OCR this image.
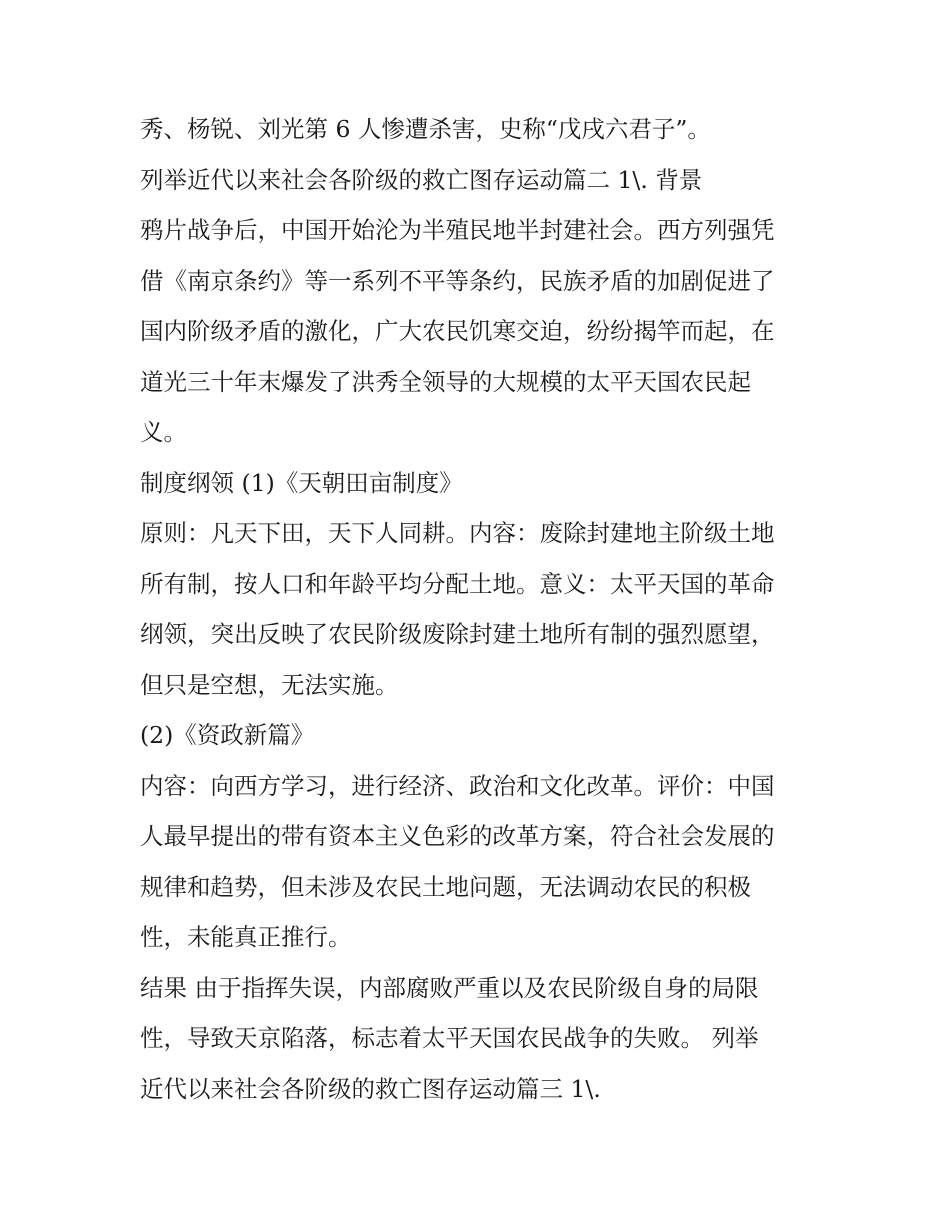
秀、杨锐、刘光第 6 人惨遭杀害，史称“戊戌六君子”。
列举近代以来社会各阶级的救亡图存运动篇二 1\. 背景
鸦片战争后，中国开始沦为半殖民地半封建社会。西方列强凭
借《南京条约》等一系列不平等条约，民族矛盾的加剧促进了
国内阶级矛盾的激化，广大农民饥寒交迫，纷纷揭竿而起，在
道光三十年末爆发了洪秀全领导的大规模的太平天国农民起
义。
制度纲领 (1)《天朝田亩制度》
原则：凡天下田，天下人同耕。内容：废除封建地主阶级土地
所有制，按人口和年龄平均分配土地。意义：太平天国的革命
纲领，突出反映了农民阶级废除封建土地所有制的强烈愿望，
但只是空想，无法实施。
(2)《资政新篇》
内容：向西方学习，进行经济、政治和文化改革。评价：中国
人最早提出的带有资本主义色彩的改革方案，符合社会发展的
规律和趋势，但未涉及农民土地问题，无法调动农民的积极
性，未能真正推行。
结果 由于指挥失误，内部腐败严重以及农民阶级自身的局限
性，导致天京陷落，标志着太平天国农民战争的失败。 列举
近代以来社会各阶级的救亡图存运动篇三 1\.
